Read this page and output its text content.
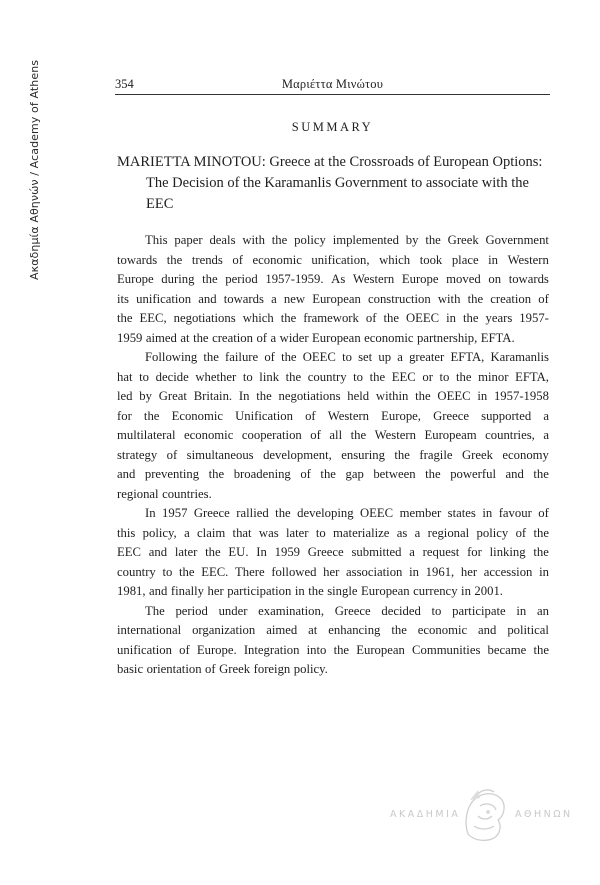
Ακαδημία Αθηνών / Academy of Athens	354	Μαριέττα Μινώτου
SUMMARY
MARIETTA MINOTOU: Greece at the Crossroads of European Options:
The Decision of the Karamanlis Government to associate with the
EEC
This paper deals with the policy implemented by the Greek Government
towards the trends of economic unification, which took place in Western
Europe during the period 1957-1959. As Western Europe moved on towards
its unification and towards a new European construction with the creation of
the EEC, negotiations which the framework of the OEEC in the years 1957-
1959 aimed at the creation of a wider European economic partnership, EFTA.
Following the failure of the OEEC to set up a greater EFTA, Karamanlis
hat to decide whether to link the country to the EEC or to the minor EFTA,
led by Great Britain. In the negotiations held within the OEEC in 1957-1958
for the Economic Unification of Western Europe, Greece supported a
multilateral economic cooperation of all the Western Europeam countries, a
strategy of simultaneous development, ensuring the fragile Greek economy
and preventing the broadening of the gap between the powerful and the
regional countries.
In 1957 Greece rallied the developing OEEC member states in favour of
this policy, a claim that was later to materialize as a regional policy of the
EEC and later the EU. In 1959 Greece submitted a request for linking the
country to the EEC. There followed her association in 1961, her accession in
1981, and finally her participation in the single European currency in 2001.
The period under examination, Greece decided to participate in an
international organization aimed at enhancing the economic and political
unification of Europe. Integration into the European Communities became the
basic orientation of Greek foreign policy.
ΑΚΑΔΗΜΙΑ	ΑΘΗΝΩΝ
